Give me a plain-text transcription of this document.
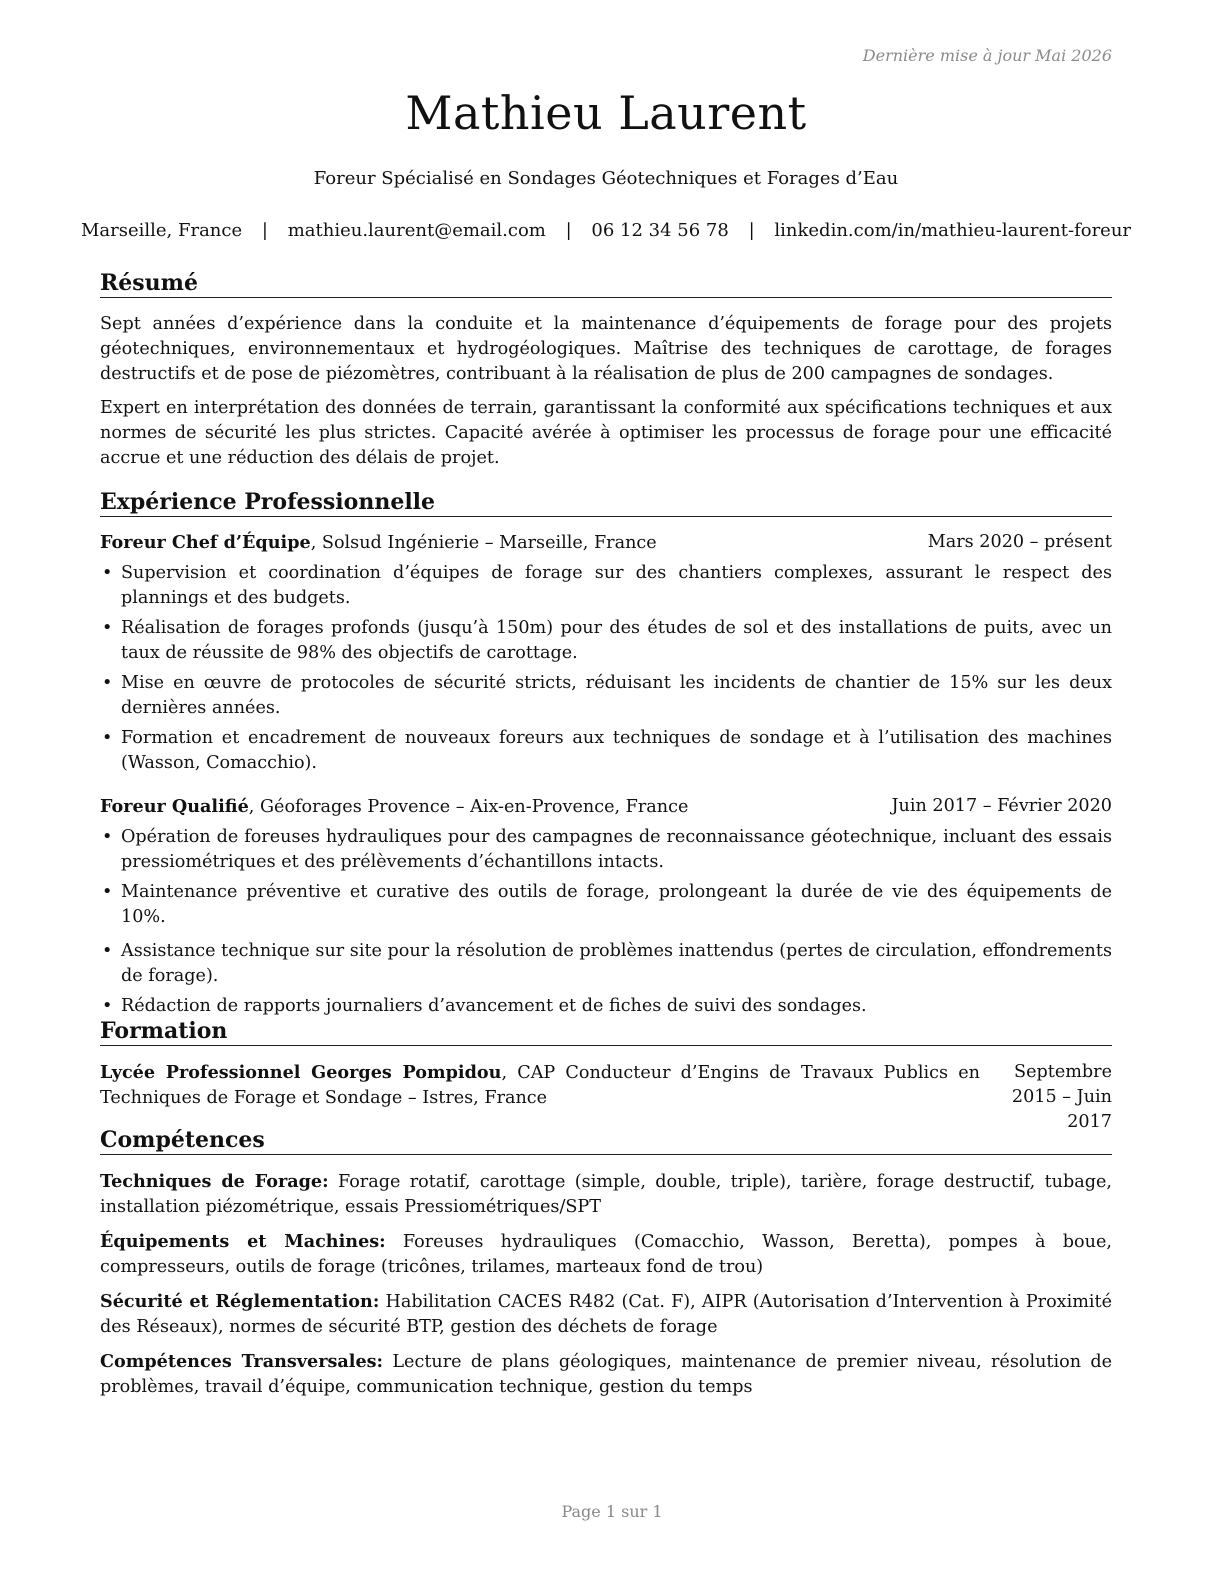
Dernière mise à jour Mai 2026
Mathieu Laurent
Foreur Spécialisé en Sondages Géotechniques et Forages d’Eau
Marseille, France | mathieu.laurent@email.com | 06 12 34 56 78 | linkedin.com/in/mathieu-laurent-foreur
Résumé

Sept années d’expérience dans la conduite et la maintenance d’équipements de forage pour des projets géotechniques, environnementaux et hydrogéologiques. Maîtrise des techniques de carottage, de forages destructifs et de pose de piézomètres, contribuant à la réalisation de plus de 200 campagnes de sondages.

Expert en interprétation des données de terrain, garantissant la conformité aux spécifications techniques et aux normes de sécurité les plus strictes. Capacité avérée à optimiser les processus de forage pour une efficacité accrue et une réduction des délais de projet.

Expérience Professionnelle
Foreur Chef d’Équipe, Solsud Ingénierie – Marseille, France	Mars 2020 – présent
• Supervision et coordination d’équipes de forage sur des chantiers complexes, assurant le respect des plannings et des budgets.
• Réalisation de forages profonds (jusqu’à 150m) pour des études de sol et des installations de puits, avec un taux de réussite de 98% des objectifs de carottage.
• Mise en œuvre de protocoles de sécurité stricts, réduisant les incidents de chantier de 15% sur les deux dernières années.
• Formation et encadrement de nouveaux foreurs aux techniques de sondage et à l’utilisation des machines (Wasson, Comacchio).
Foreur Qualifié, Géoforages Provence – Aix-en-Provence, France	Juin 2017 – Février 2020
• Opération de foreuses hydrauliques pour des campagnes de reconnaissance géotechnique, incluant des essais pressiométriques et des prélèvements d’échantillons intacts.
• Maintenance préventive et curative des outils de forage, prolongeant la durée de vie des équipements de 10%.
• Assistance technique sur site pour la résolution de problèmes inattendus (pertes de circulation, effondrements de forage).
• Rédaction de rapports journaliers d’avancement et de fiches de suivi des sondages.
Formation
Lycée Professionnel Georges Pompidou, CAP Conducteur d’Engins de Travaux Publics en Techniques de Forage et Sondage – Istres, France
Septembre 2015 – Juin 2017
Compétences

Techniques de Forage: Forage rotatif, carottage (simple, double, triple), tarière, forage destructif, tubage, installation piézométrique, essais Pressiométriques/SPT

Équipements et Machines: Foreuses hydrauliques (Comacchio, Wasson, Beretta), pompes à boue, compresseurs, outils de forage (tricônes, trilames, marteaux fond de trou)

Sécurité et Réglementation: Habilitation CACES R482 (Cat. F), AIPR (Autorisation d’Intervention à Proximité des Réseaux), normes de sécurité BTP, gestion des déchets de forage

Compétences Transversales: Lecture de plans géologiques, maintenance de premier niveau, résolution de problèmes, travail d’équipe, communication technique, gestion du temps

Page 1 sur 1
